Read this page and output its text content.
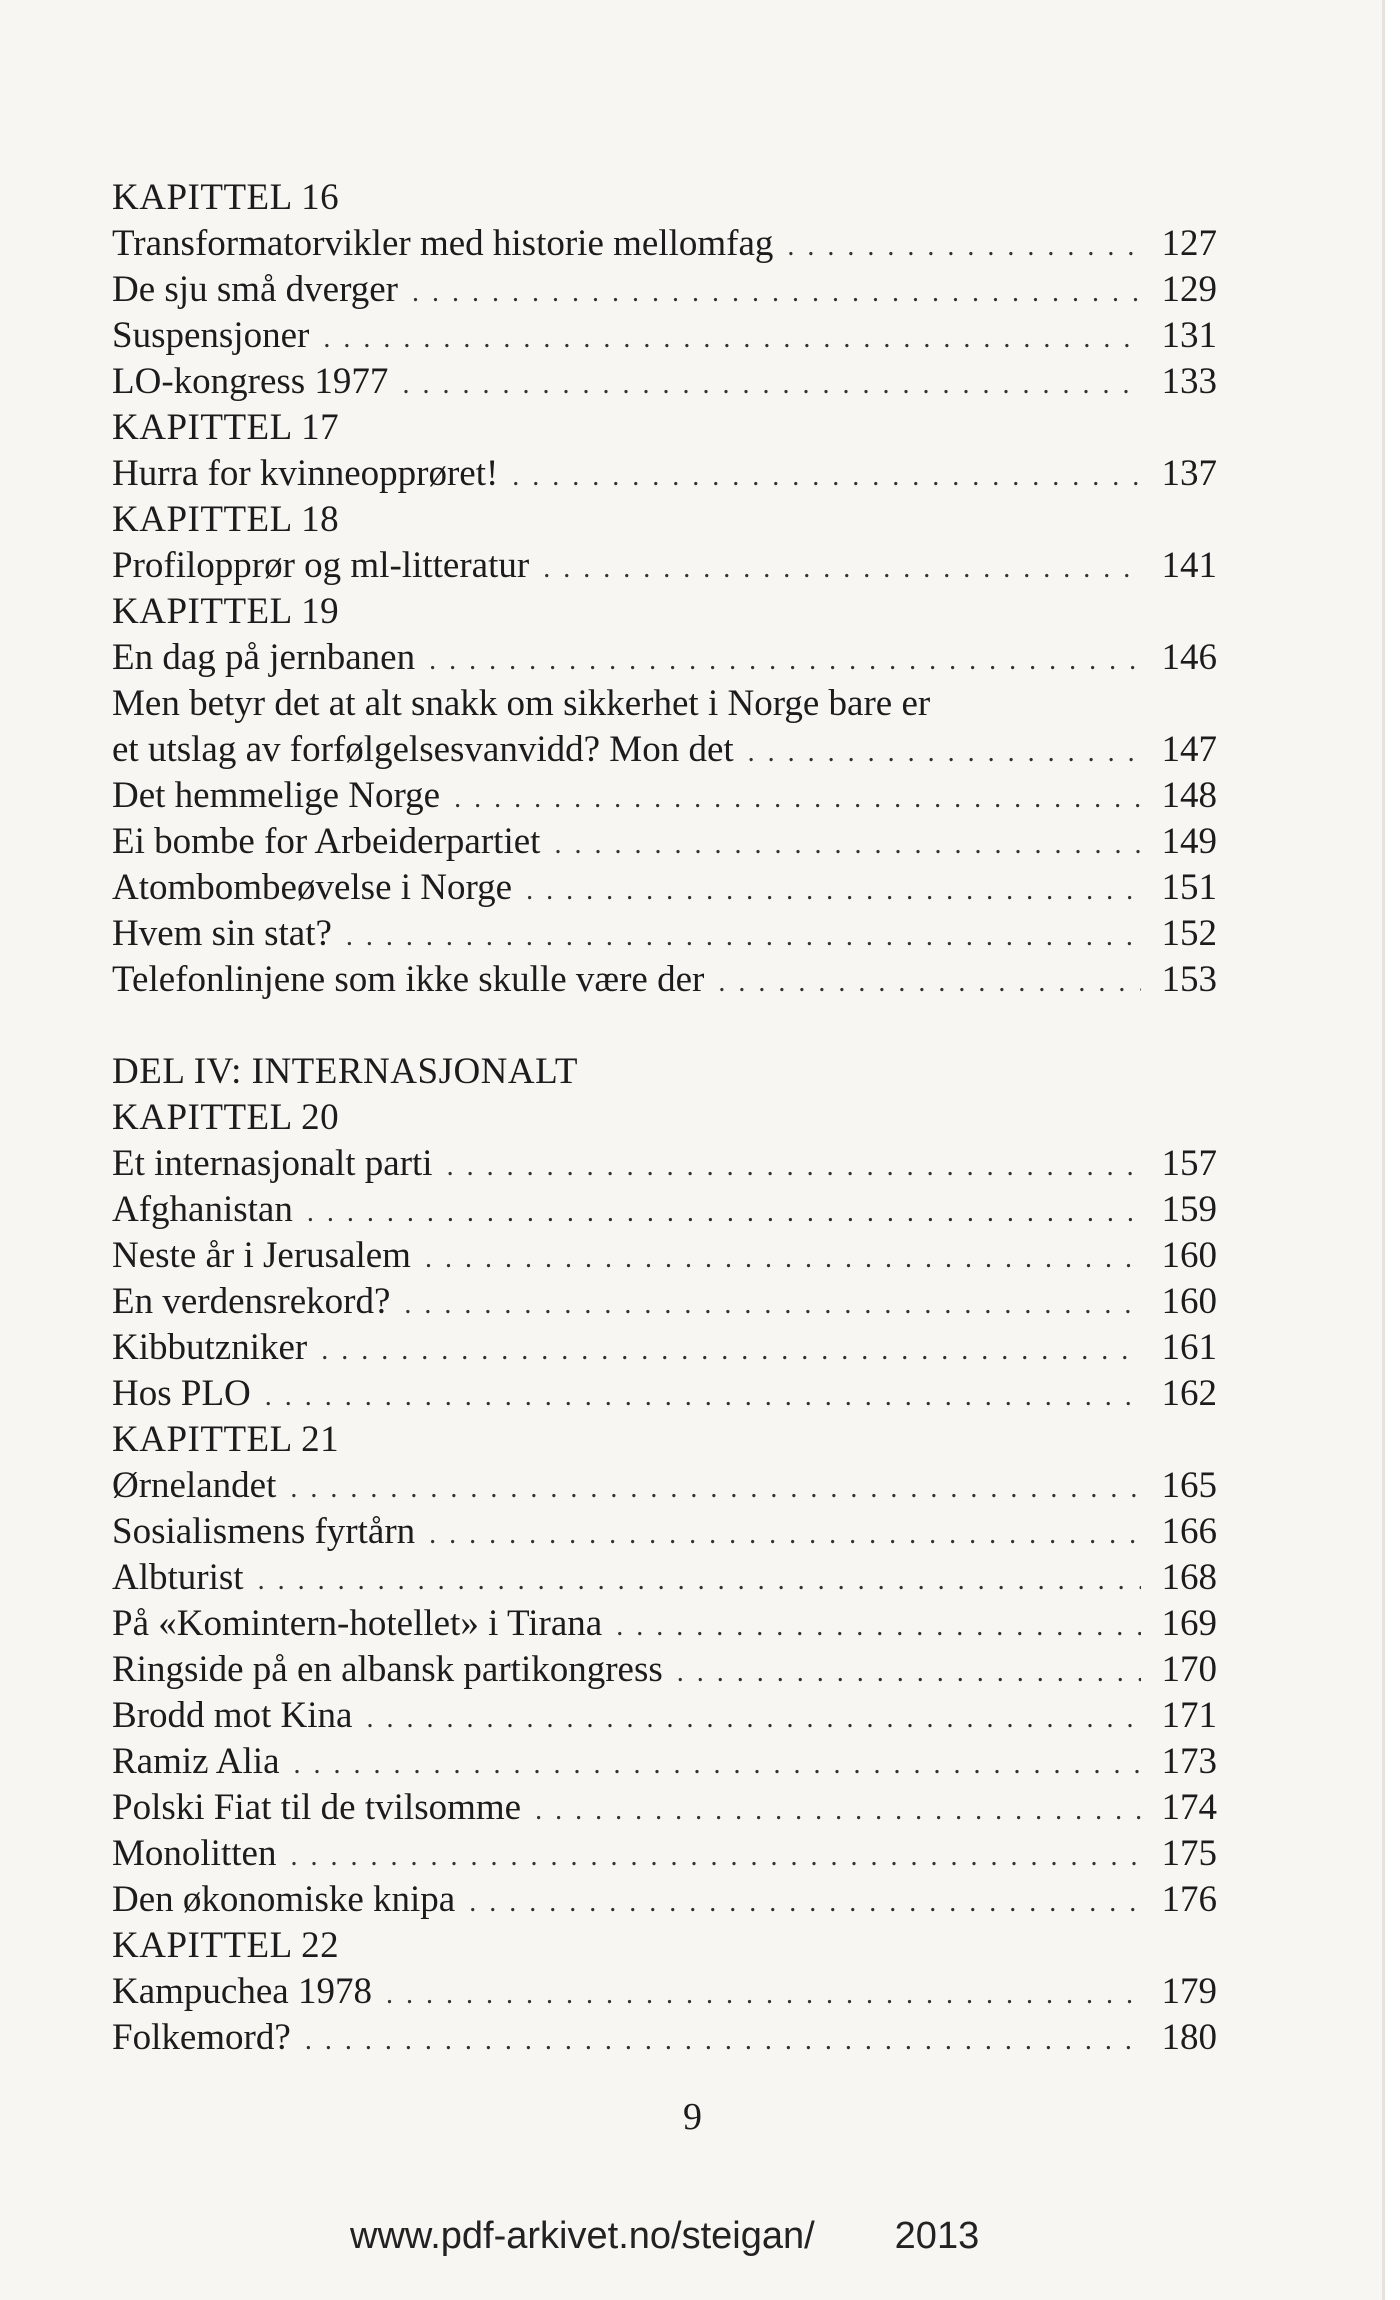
KAPITTEL 16
Transformatorvikler med historie mellomfag . . .	127
De sju små dverger . . .	129
Suspensjoner . . .	131
LO-kongress 1977 . . .	133
KAPITTEL 17
Hurra for kvinneopprøret! . . .	137
KAPITTEL 18
Profilopprør og ml-litteratur . . .	141
KAPITTEL 19
En dag på jernbanen . . .	146
Men betyr det at alt snakk om sikkerhet i Norge bare er
et utslag av forfølgelsesvanvidd? Mon det . . .	147
Det hemmelige Norge . . .	148
Ei bombe for Arbeiderpartiet . . .	149
Atombombeøvelse i Norge . . .	151
Hvem sin stat? . . .	152
Telefonlinjene som ikke skulle være der . . .	153
DEL IV: INTERNASJONALT
KAPITTEL 20
Et internasjonalt parti . . .	157
Afghanistan . . .	159
Neste år i Jerusalem . . .	160
En verdensrekord? . . .	160
Kibbutzniker . . .	161
Hos PLO . . .	162
KAPITTEL 21
Ørnelandet . . .	165
Sosialismens fyrtårn . . .	166
Albturist . . .	168
På «Komintern-hotellet» i Tirana . . .	169
Ringside på en albansk partikongress . . .	170
Brodd mot Kina . . .	171
Ramiz Alia . . .	173
Polski Fiat til de tvilsomme . . .	174
Monolitten . . .	175
Den økonomiske knipa . . .	176
KAPITTEL 22
Kampuchea 1978 . . .	179
Folkemord? . . .	180
9
www.pdf-arkivet.no/steigan/ 2013
